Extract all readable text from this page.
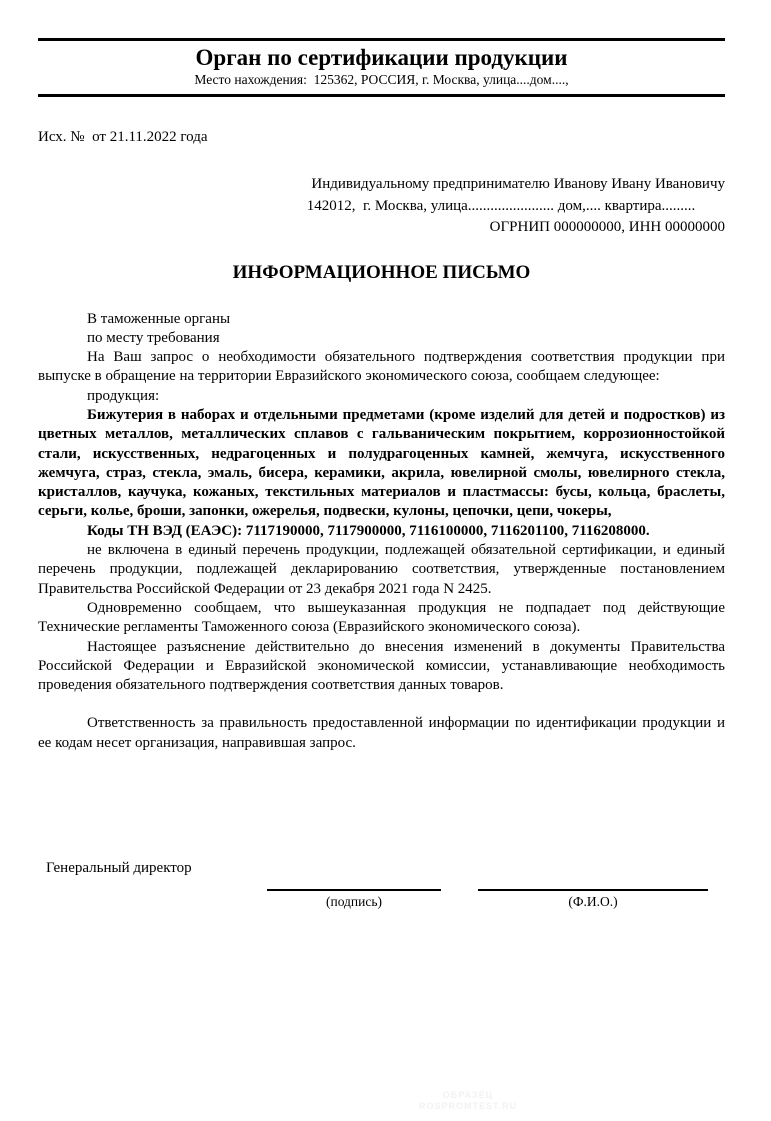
Орган по сертификации продукции
Место нахождения:  125362, РОССИЯ, г. Москва, улица....дом....,
Исх. №  от 21.11.2022 года
Индивидуальному предпринимателю Иванову Ивану Ивановичу
142012,  г. Москва, улица....................... дом,.... квартира.........
ОГРНИП 000000000, ИНН 00000000
ИНФОРМАЦИОННОЕ ПИСЬМО

В таможенные органы

по месту требования

На Ваш запрос о необходимости обязательного подтверждения соответствия продукции при выпуске в обращение на территории Евразийского экономического союза, сообщаем следующее:

продукция:

Бижутерия в наборах и отдельными предметами (кроме изделий для детей и подростков) из цветных металлов, металлических сплавов с гальваническим покрытием, коррозионностойкой стали, искусственных, недрагоценных и полудрагоценных камней, жемчуга, искусственного жемчуга, страз, стекла, эмаль, бисера, керамики, акрила, ювелирной смолы, ювелирного стекла, кристаллов, каучука, кожаных, текстильных материалов и пластмассы: бусы, кольца, браслеты, серьги, колье, броши, запонки, ожерелья, подвески, кулоны, цепочки, цепи, чокеры,

Коды ТН ВЭД (ЕАЭС): 7117190000, 7117900000, 7116100000, 7116201100, 7116208000.

не включена в единый перечень продукции, подлежащей обязательной сертификации, и единый перечень продукции, подлежащей декларированию соответствия, утвержденные постановлением Правительства Российской Федерации от 23 декабря 2021 года N 2425.

Одновременно сообщаем, что вышеуказанная продукция не подпадает под действующие Технические регламенты Таможенного союза (Евразийского экономического союза).

Настоящее разъяснение действительно до внесения изменений в документы Правительства Российской Федерации и Евразийской экономической комиссии, устанавливающие необходимость проведения обязательного подтверждения соответствия данных товаров.

Ответственность за правильность предоставленной информации по идентификации продукции и ее кодам несет организация, направившая запрос.

Генеральный директор
(подпись)	(Ф.И.О.)
ОБРАЗЕЦ
ROSPROMTEST.RU
